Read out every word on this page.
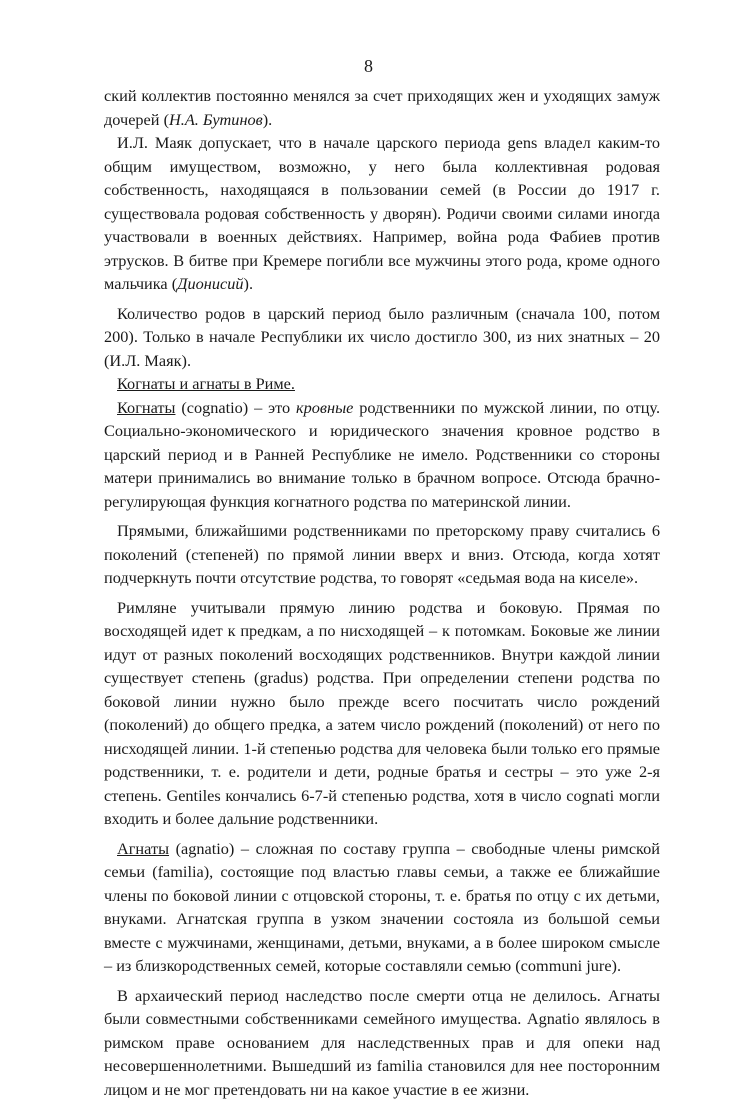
8

ский коллектив постоянно менялся за счет приходящих жен и уходящих замуж дочерей (Н.А. Бутинов).

И.Л. Маяк допускает, что в начале царского периода gens владел каким-то общим имуществом, возможно, у него была коллективная родовая собственность, находящаяся в пользовании семей (в России до 1917 г. существовала родовая собственность у дворян). Родичи своими силами иногда участвовали в военных действиях. Например, война рода Фабиев против этрусков. В битве при Кремере погибли все мужчины этого рода, кроме одного мальчика (Дионисий).

Количество родов в царский период было различным (сначала 100, потом 200). Только в начале Республики их число достигло 300, из них знатных – 20 (И.Л. Маяк).

Когнаты и агнаты в Риме.

Когнаты (cognatio) – это кровные родственники по мужской линии, по отцу. Социально-экономического и юридического значения кровное родство в царский период и в Ранней Республике не имело. Родственники со стороны матери принимались во внимание только в брачном вопросе. Отсюда брачно-регулирующая функция когнатного родства по материнской линии.

Прямыми, ближайшими родственниками по преторскому праву считались 6 поколений (степеней) по прямой линии вверх и вниз. Отсюда, когда хотят подчеркнуть почти отсутствие родства, то говорят «седьмая вода на киселе».

Римляне учитывали прямую линию родства и боковую. Прямая по восходящей идет к предкам, а по нисходящей – к потомкам. Боковые же линии идут от разных поколений восходящих родственников. Внутри каждой линии существует степень (gradus) родства. При определении степени родства по боковой линии нужно было прежде всего посчитать число рождений (поколений) до общего предка, а затем число рождений (поколений) от него по нисходящей линии. 1-й степенью родства для человека были только его прямые родственники, т. е. родители и дети, родные братья и сестры – это уже 2-я степень. Gentiles кончались 6-7-й степенью родства, хотя в число cognati могли входить и более дальние родственники.

Агнаты (agnatio) – сложная по составу группа – свободные члены римской семьи (familia), состоящие под властью главы семьи, а также ее ближайшие члены по боковой линии с отцовской стороны, т. е. братья по отцу с их детьми, внуками. Агнатская группа в узком значении состояла из большой семьи вместе с мужчинами, женщинами, детьми, внуками, а в более широком смысле – из близкородственных семей, которые составляли семью (communi jure).

В архаический период наследство после смерти отца не делилось. Агнаты были совместными собственниками семейного имущества. Agnatio являлось в римском праве основанием для наследственных прав и для опеки над несовершеннолетними. Вышедший из familia становился для нее посторонним лицом и не мог претендовать ни на какое участие в ее жизни.
